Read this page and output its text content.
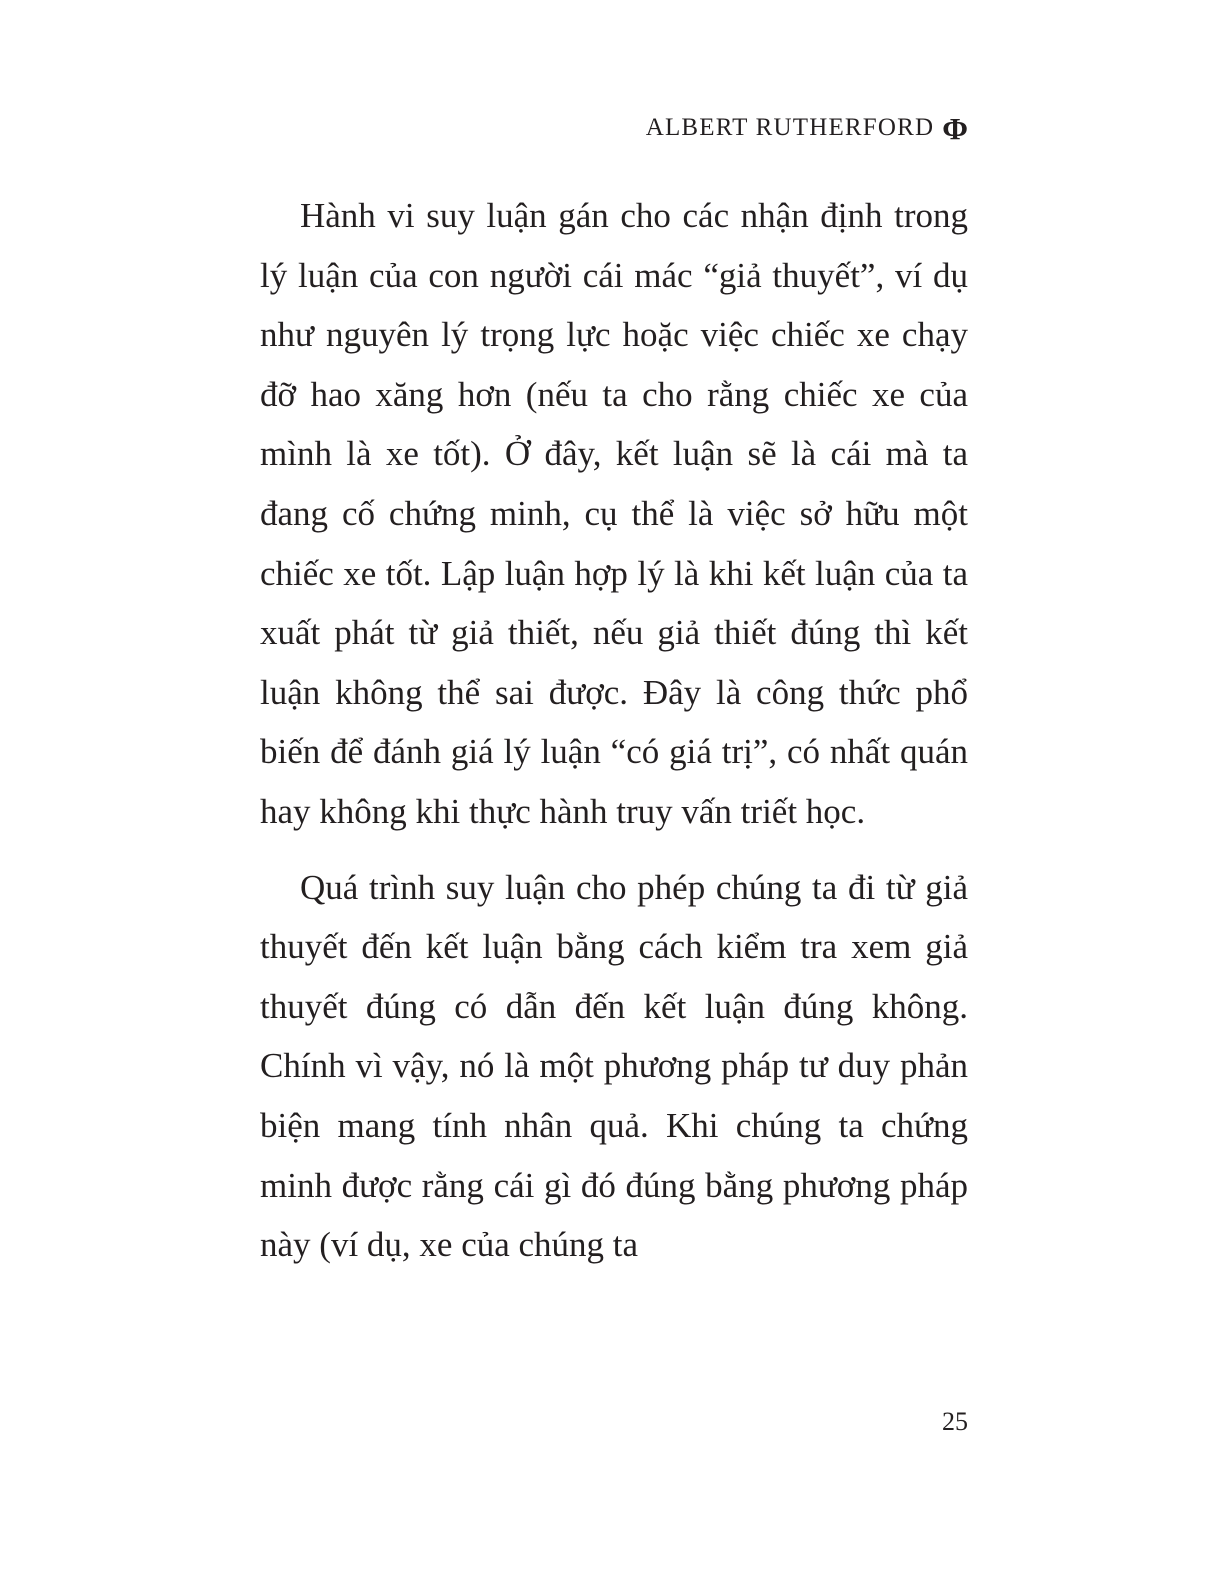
ALBERT RUTHERFORD Φ

Hành vi suy luận gán cho các nhận định trong lý luận của con người cái mác “giả thuyết”, ví dụ như nguyên lý trọng lực hoặc việc chiếc xe chạy đỡ hao xăng hơn (nếu ta cho rằng chiếc xe của mình là xe tốt). Ở đây, kết luận sẽ là cái mà ta đang cố chứng minh, cụ thể là việc sở hữu một chiếc xe tốt. Lập luận hợp lý là khi kết luận của ta xuất phát từ giả thiết, nếu giả thiết đúng thì kết luận không thể sai được. Đây là công thức phổ biến để đánh giá lý luận “có giá trị”, có nhất quán hay không khi thực hành truy vấn triết học.

Quá trình suy luận cho phép chúng ta đi từ giả thuyết đến kết luận bằng cách kiểm tra xem giả thuyết đúng có dẫn đến kết luận đúng không. Chính vì vậy, nó là một phương pháp tư duy phản biện mang tính nhân quả. Khi chúng ta chứng minh được rằng cái gì đó đúng bằng phương pháp này (ví dụ, xe của chúng ta

25
